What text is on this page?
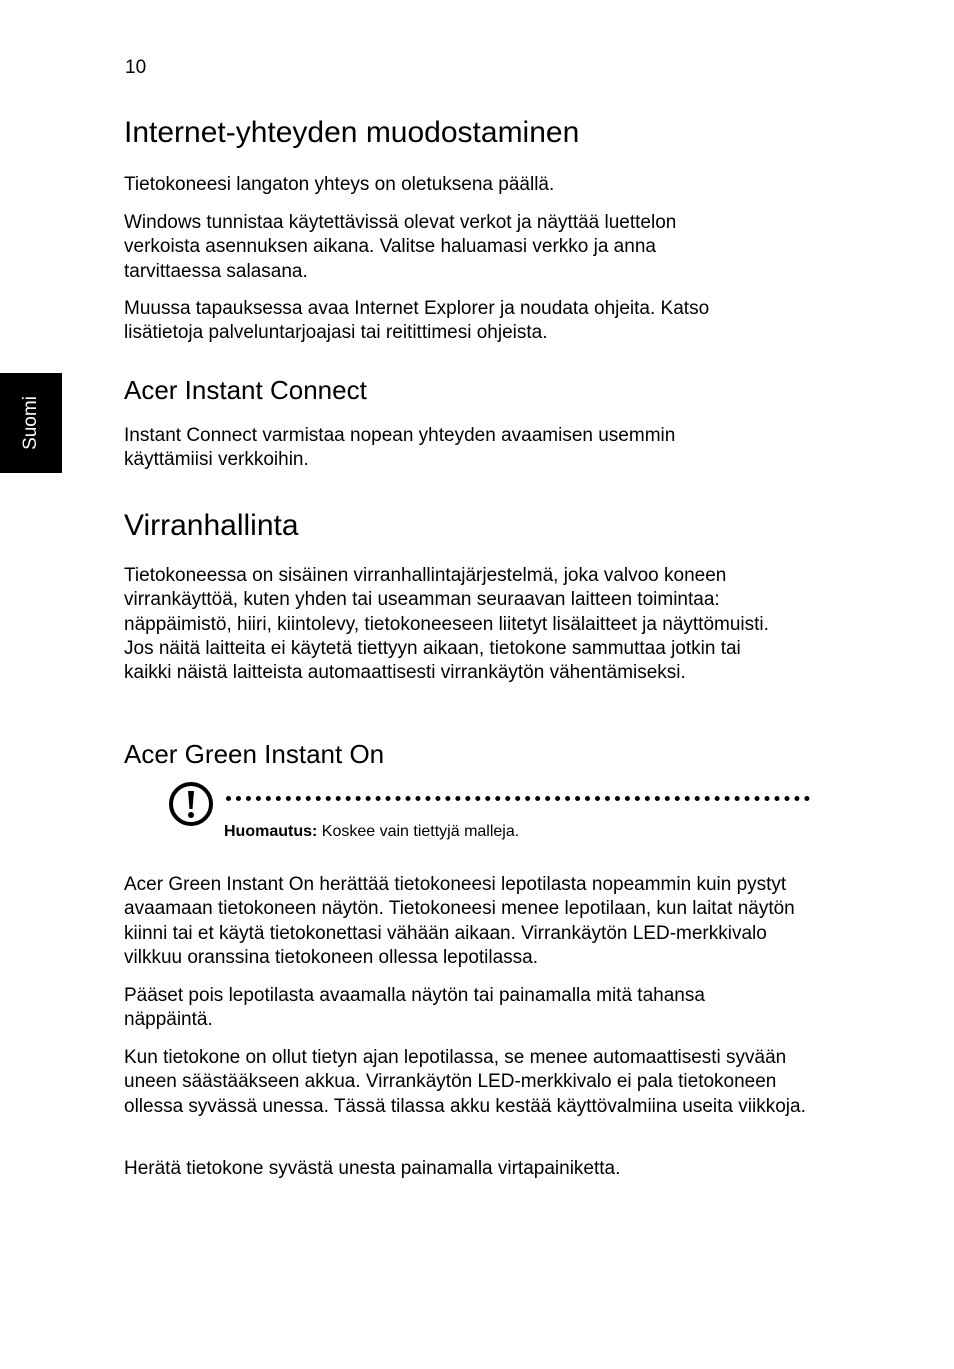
10
Suomi
Internet-yhteyden muodostaminen

Tietokoneesi langaton yhteys on oletuksena päällä.

Windows tunnistaa käytettävissä olevat verkot ja näyttää luettelon verkoista asennuksen aikana. Valitse haluamasi verkko ja anna tarvittaessa salasana.

Muussa tapauksessa avaa Internet Explorer ja noudata ohjeita. Katso lisätietoja palveluntarjoajasi tai reitittimesi ohjeista.

Acer Instant Connect

Instant Connect varmistaa nopean yhteyden avaamisen usemmin käyttämiisi verkkoihin.

Virranhallinta

Tietokoneessa on sisäinen virranhallintajärjestelmä, joka valvoo koneen virrankäyttöä, kuten yhden tai useamman seuraavan laitteen toimintaa: näppäimistö, hiiri, kiintolevy, tietokoneeseen liitetyt lisälaitteet ja näyttömuisti. Jos näitä laitteita ei käytetä tiettyyn aikaan, tietokone sammuttaa jotkin tai kaikki näistä laitteista automaattisesti virrankäytön vähentämiseksi.

Acer Green Instant On
Huomautus: Koskee vain tiettyjä malleja.

Acer Green Instant On herättää tietokoneesi lepotilasta nopeammin kuin pystyt avaamaan tietokoneen näytön. Tietokoneesi menee lepotilaan, kun laitat näytön kiinni tai et käytä tietokonettasi vähään aikaan. Virrankäytön LED-merkkivalo vilkkuu oranssina tietokoneen ollessa lepotilassa.

Pääset pois lepotilasta avaamalla näytön tai painamalla mitä tahansa näppäintä.

Kun tietokone on ollut tietyn ajan lepotilassa, se menee automaattisesti syvään uneen säästääkseen akkua. Virrankäytön LED-merkkivalo ei pala tietokoneen ollessa syvässä unessa. Tässä tilassa akku kestää käyttövalmiina useita viikkoja.

Herätä tietokone syvästä unesta painamalla virtapainiketta.
